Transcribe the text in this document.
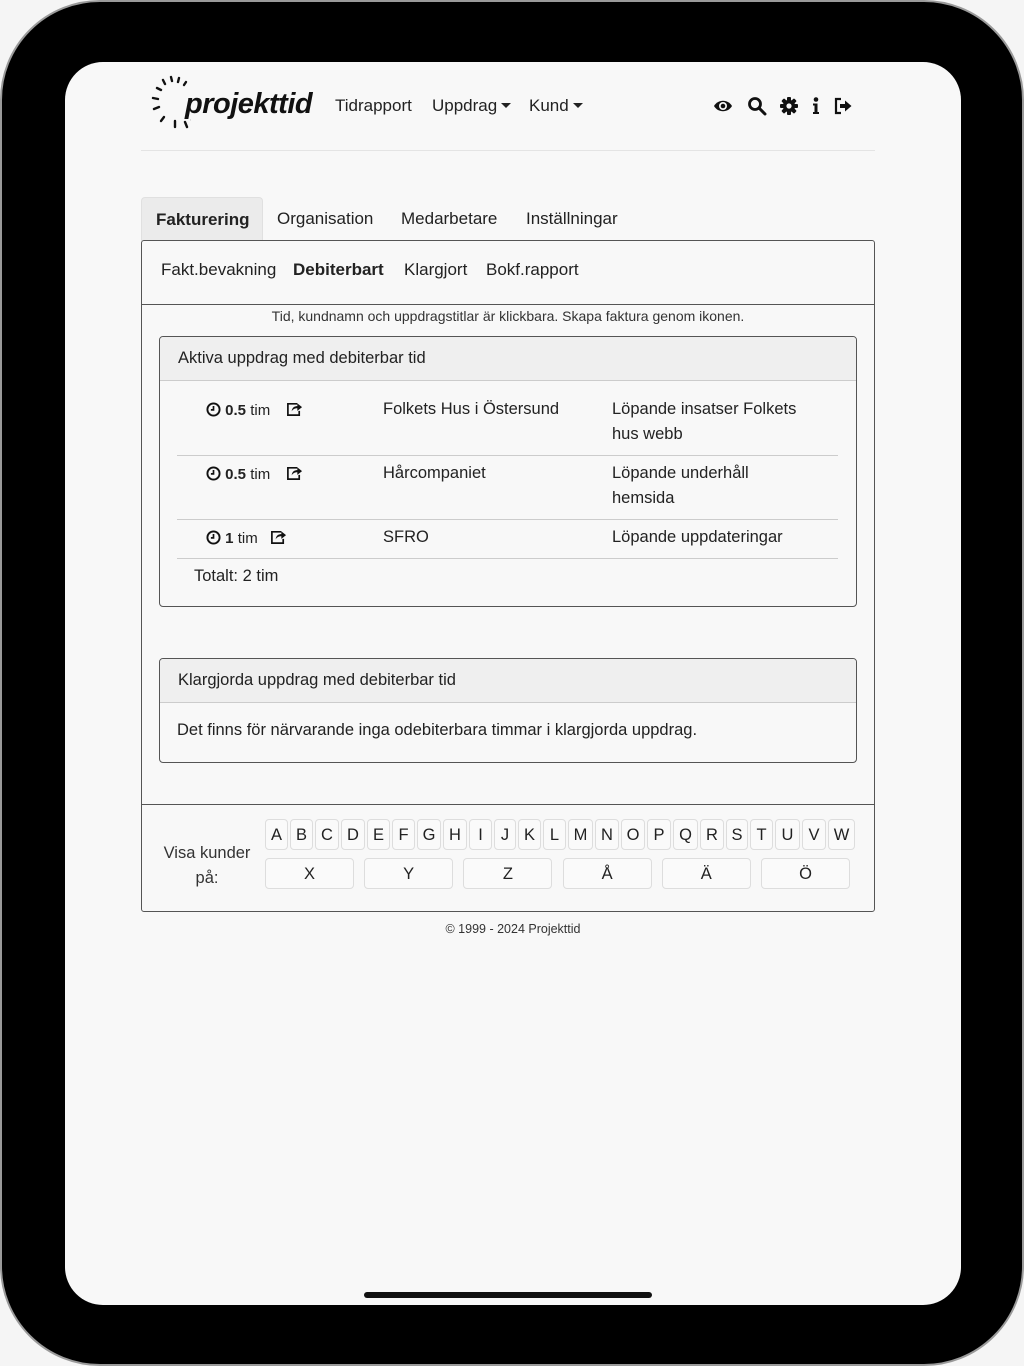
projekttid Tidrapport Uppdrag	Kund
Fakturering	Organisation	Medarbetare	Inställningar
Fakt.bevakning Debiterbart Klargjort Bokf.rapport
Tid, kundnamn och uppdragstitlar är klickbara. Skapa faktura genom ikonen.
Aktiva uppdrag med debiterbar tid
0.5 tim	Folkets Hus i Östersund	Löpande insatser Folkets hus webb
0.5 tim	Hårcompaniet	Löpande underhåll hemsida
1 tim	SFRO	Löpande uppdateringar
Totalt: 2 tim
Klargjorda uppdrag med debiterbar tid
Det finns för närvarande inga odebiterbara timmar i klargjorda uppdrag.
Visa kunder på:
A B C D E F G H	I	J K L M N O P Q R S T U V W
X	Y	Z	Å	Ä	Ö
© 1999 - 2024 Projekttid
